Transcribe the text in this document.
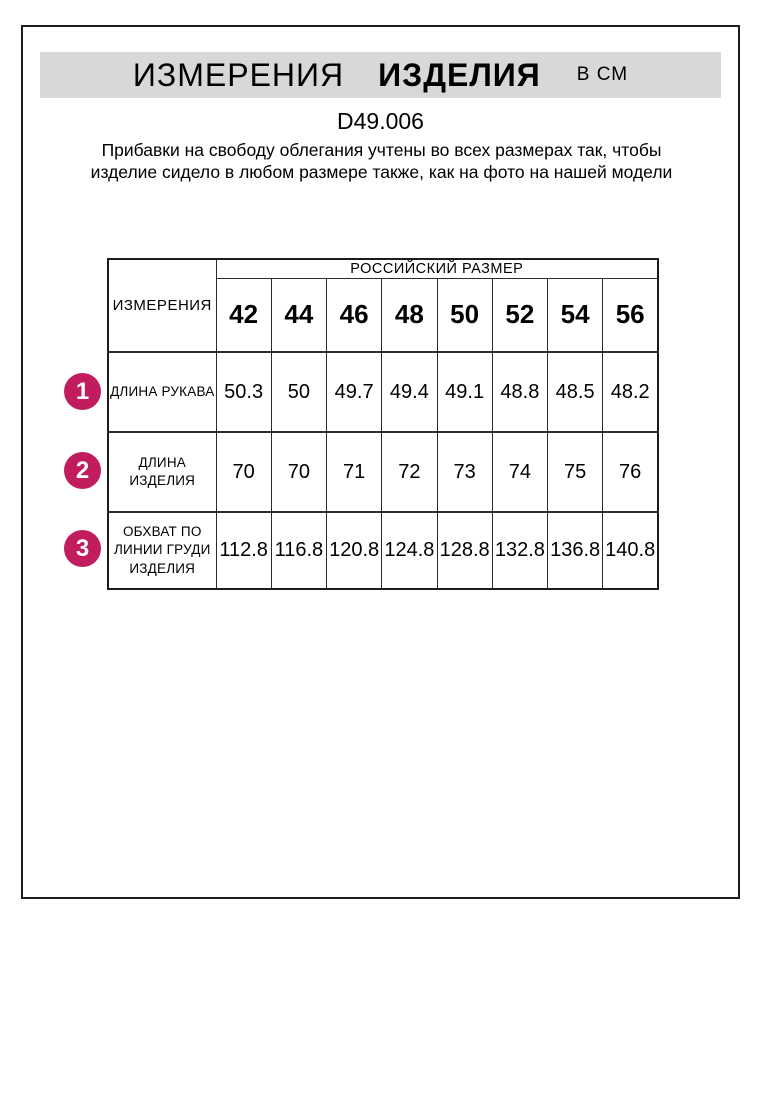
ИЗМЕРЕНИЯ ИЗДЕЛИЯ В СМ
D49.006
Прибавки на свободу облегания учтены во всех размерах так, чтобы изделие сидело в любом размере также, как на фото на нашей модели
ИЗМЕРЕНИЯ	РОССИЙСКИЙ РАЗМЕР							
	42	44	46	48	50	52	54	56
ДЛИНА РУКАВА	50.3	50	49.7	49.4	49.1	48.8	48.5	48.2
ДЛИНА ИЗДЕЛИЯ	70	70	71	72	73	74	75	76
ОБХВАТ ПО ЛИНИИ ГРУДИ ИЗДЕЛИЯ	112.8	116.8	120.8	124.8	128.8	132.8	136.8	140.8
1
2
3
